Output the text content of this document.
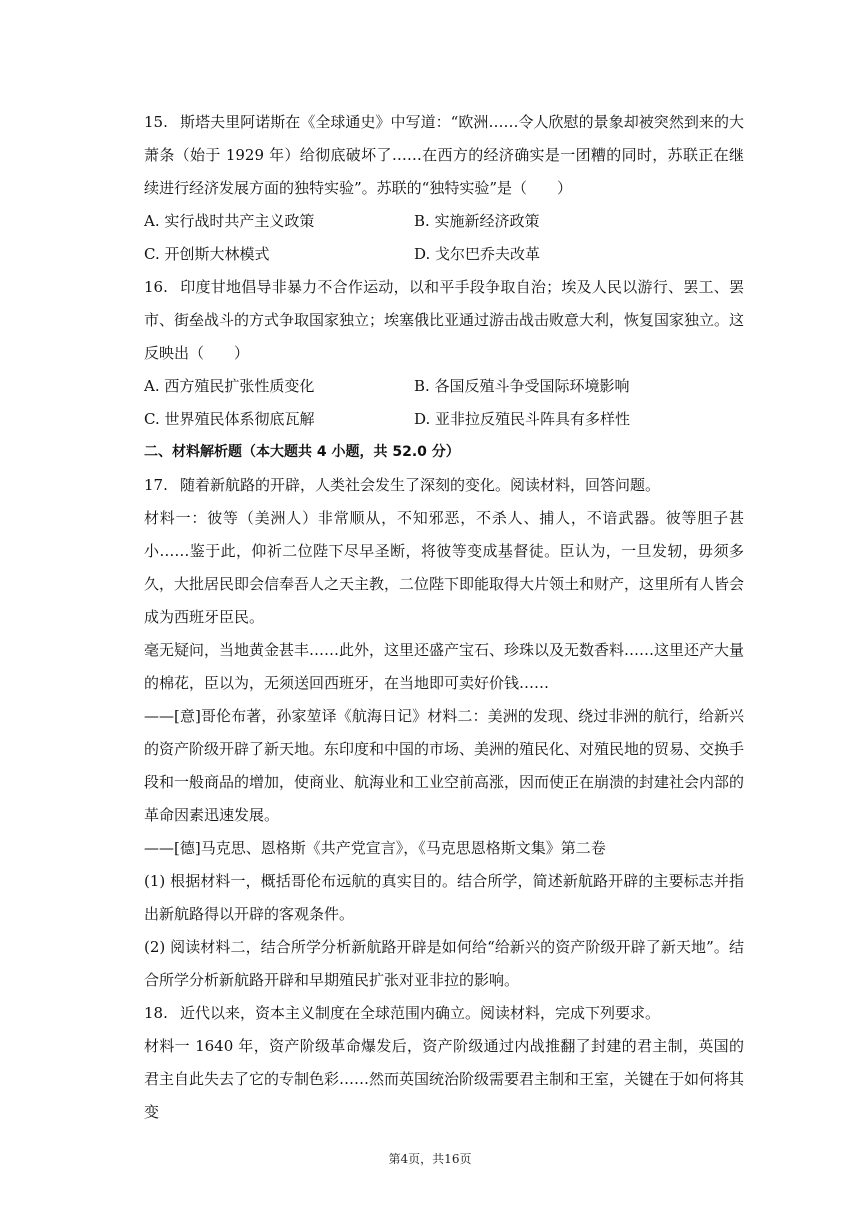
15. 斯塔夫里阿诺斯在《全球通史》中写道：“欧洲……令人欣慰的景象却被突然到来的大萧条（始于 1929 年）给彻底破坏了……在西方的经济确实是一团糟的同时，苏联正在继续进行经济发展方面的独特实验”。苏联的“独特实验”是（　　）

A. 实行战时共产主义政策	B. 实施新经济政策
C. 开创斯大林模式	D. 戈尔巴乔夫改革

16. 印度甘地倡导非暴力不合作运动，以和平手段争取自治；埃及人民以游行、罢工、罢市、街垒战斗的方式争取国家独立；埃塞俄比亚通过游击战击败意大利，恢复国家独立。这反映出（　　）

A. 西方殖民扩张性质变化	B. 各国反殖斗争受国际环境影响
C. 世界殖民体系彻底瓦解	D. 亚非拉反殖民斗阵具有多样性

二、材料解析题（本大题共 4 小题，共 52.0 分）

17. 随着新航路的开辟，人类社会发生了深刻的变化。阅读材料，回答问题。

材料一：彼等（美洲人）非常顺从，不知邪恶，不杀人、捕人，不谙武器。彼等胆子甚小……鉴于此，仰祈二位陛下尽早圣断，将彼等变成基督徒。臣认为，一旦发轫，毋须多久，大批居民即会信奉吾人之天主教，二位陛下即能取得大片领土和财产，这里所有人皆会成为西班牙臣民。

毫无疑问，当地黄金甚丰……此外，这里还盛产宝石、珍珠以及无数香料……这里还产大量的棉花，臣以为，无须送回西班牙，在当地即可卖好价钱……

——[意]哥伦布著，孙家堃译《航海日记》材料二：美洲的发现、绕过非洲的航行，给新兴的资产阶级开辟了新天地。东印度和中国的市场、美洲的殖民化、对殖民地的贸易、交换手段和一般商品的增加，使商业、航海业和工业空前高涨，因而使正在崩溃的封建社会内部的革命因素迅速发展。

——[德]马克思、恩格斯《共产党宣言》，《马克思恩格斯文集》第二卷

(1) 根据材料一，概括哥伦布远航的真实目的。结合所学，简述新航路开辟的主要标志并指出新航路得以开辟的客观条件。

(2) 阅读材料二，结合所学分析新航路开辟是如何给“给新兴的资产阶级开辟了新天地”。结合所学分析新航路开辟和早期殖民扩张对亚非拉的影响。

18. 近代以来，资本主义制度在全球范围内确立。阅读材料，完成下列要求。

材料一 1640 年，资产阶级革命爆发后，资产阶级通过内战推翻了封建的君主制，英国的君主自此失去了它的专制色彩……然而英国统治阶级需要君主制和王室，关键在于如何将其变

第4页，共16页
